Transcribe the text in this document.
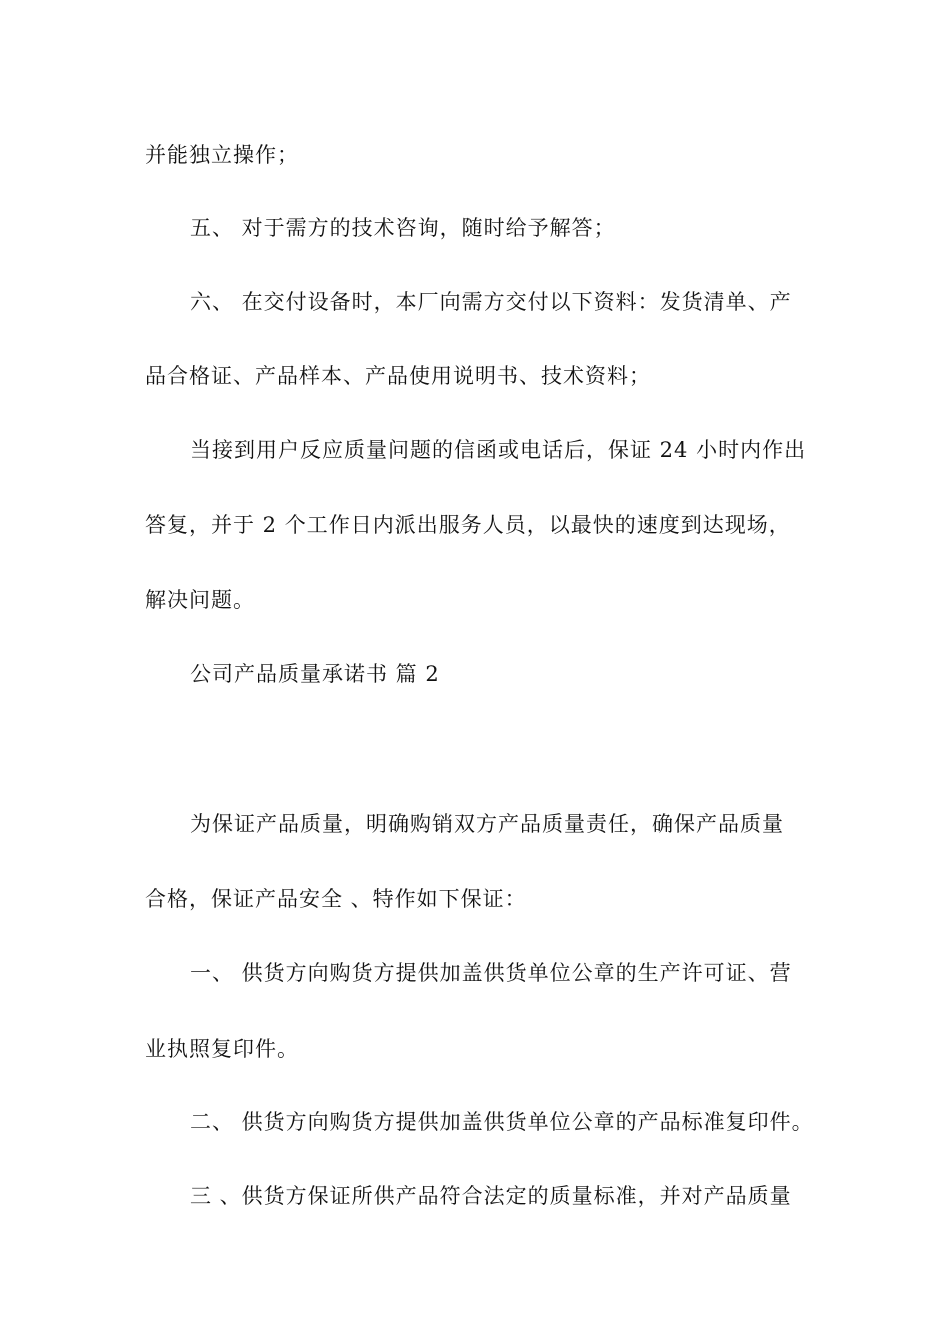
并能独立操作；
五、 对于需方的技术咨询，随时给予解答；
六、 在交付设备时，本厂向需方交付以下资料：发货清单、产
品合格证、产品样本、产品使用说明书、技术资料；
当接到用户反应质量问题的信函或电话后，保证 24 小时内作出
答复，并于 2 个工作日内派出服务人员，以最快的速度到达现场，
解决问题。
公司产品质量承诺书 篇 2
为保证产品质量，明确购销双方产品质量责任，确保产品质量
合格，保证产品安全 、特作如下保证：
一、 供货方向购货方提供加盖供货单位公章的生产许可证、营
业执照复印件。
二、 供货方向购货方提供加盖供货单位公章的产品标准复印件。
三 、供货方保证所供产品符合法定的质量标准，并对产品质量
